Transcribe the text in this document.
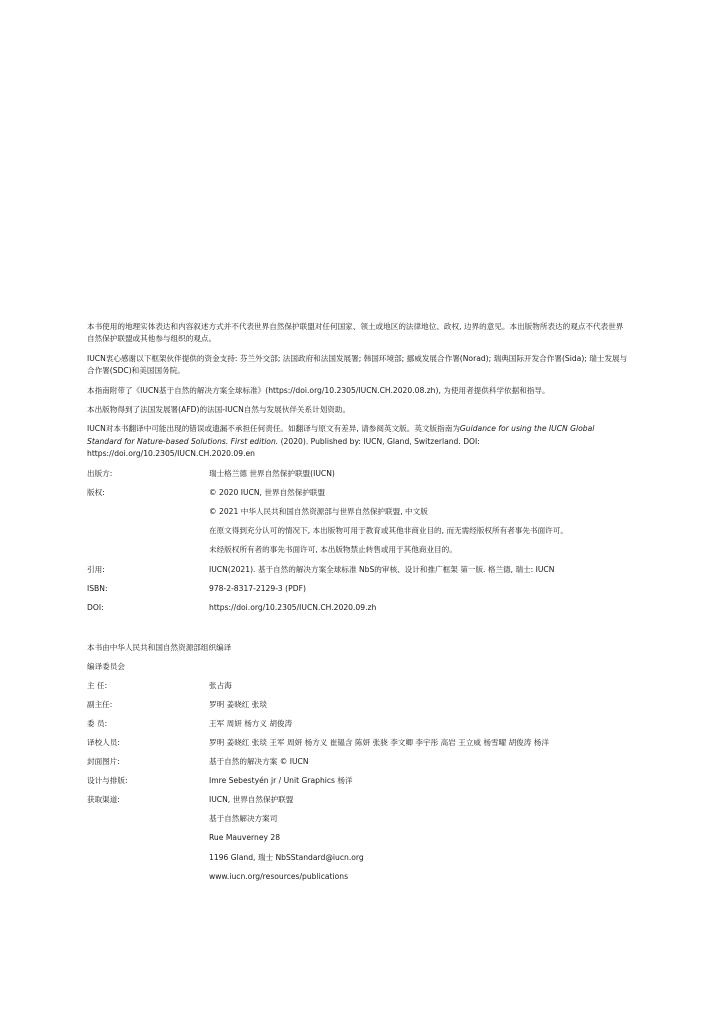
本书使用的地理实体表达和内容叙述方式并不代表世界自然保护联盟对任何国家、领土或地区的法律地位、政权, 边界的意见。本出版物所表达的观点不代表世界自然保护联盟或其他参与组织的观点。

IUCN衷心感谢以下框架伙伴提供的资金支持: 芬兰外交部; 法国政府和法国发展署; 韩国环境部; 挪威发展合作署(Norad); 瑞典国际开发合作署(Sida); 瑞士发展与合作署(SDC)和美国国务院。

本指南附带了《IUCN基于自然的解决方案全球标准》(https://doi.org/10.2305/IUCN.CH.2020.08.zh), 为使用者提供科学依据和指导。

本出版物得到了法国发展署(AFD)的法国-IUCN自然与发展伙伴关系计划资助。

IUCN对本书翻译中可能出现的错误或遗漏不承担任何责任。如翻译与原文有差异, 请参阅英文版。英文版指南为Guidance for using the IUCN Global Standard for Nature-based Solutions. First edition. (2020). Published by: IUCN, Gland, Switzerland. DOI: https://doi.org/10.2305/IUCN.CH.2020.09.en

出版方:	瑞士格兰德 世界自然保护联盟(IUCN)
版权:	© 2020 IUCN, 世界自然保护联盟
© 2021 中华人民共和国自然资源部与世界自然保护联盟, 中文版
在原文得到充分认可的情况下, 本出版物可用于教育或其他非商业目的, 而无需经版权所有者事先书面许可。
未经版权所有者的事先书面许可, 本出版物禁止转售或用于其他商业目的。
引用:	IUCN(2021). 基于自然的解决方案全球标准 NbS的审核、设计和推广框架 第一版. 格兰德, 瑞士: IUCN
ISBN:	978-2-8317-2129-3 (PDF)
DOI:	https://doi.org/10.2305/IUCN.CH.2020.09.zh
本书由中华人民共和国自然资源部组织编译
编译委员会
主 任:	张占海
副主任:	罗明 姜晓红 张琰
委 员:	王军 周妍 杨方义 胡俊涛
译校人员:	罗明 姜晓红 张琰 王军 周妍 杨方义 崔韫含 陈妍 张骁 李文卿 李宇彤 高岩 王立威 杨雪曜 胡俊涛 杨洋
封面图片:	基于自然的解决方案 © IUCN
设计与排版:	Imre Sebestyén jr / Unit Graphics 杨洋
获取渠道:	IUCN, 世界自然保护联盟
基于自然解决方案司
Rue Mauverney 28
1196 Gland, 瑞士 NbSStandard@iucn.org
www.iucn.org/resources/publications
